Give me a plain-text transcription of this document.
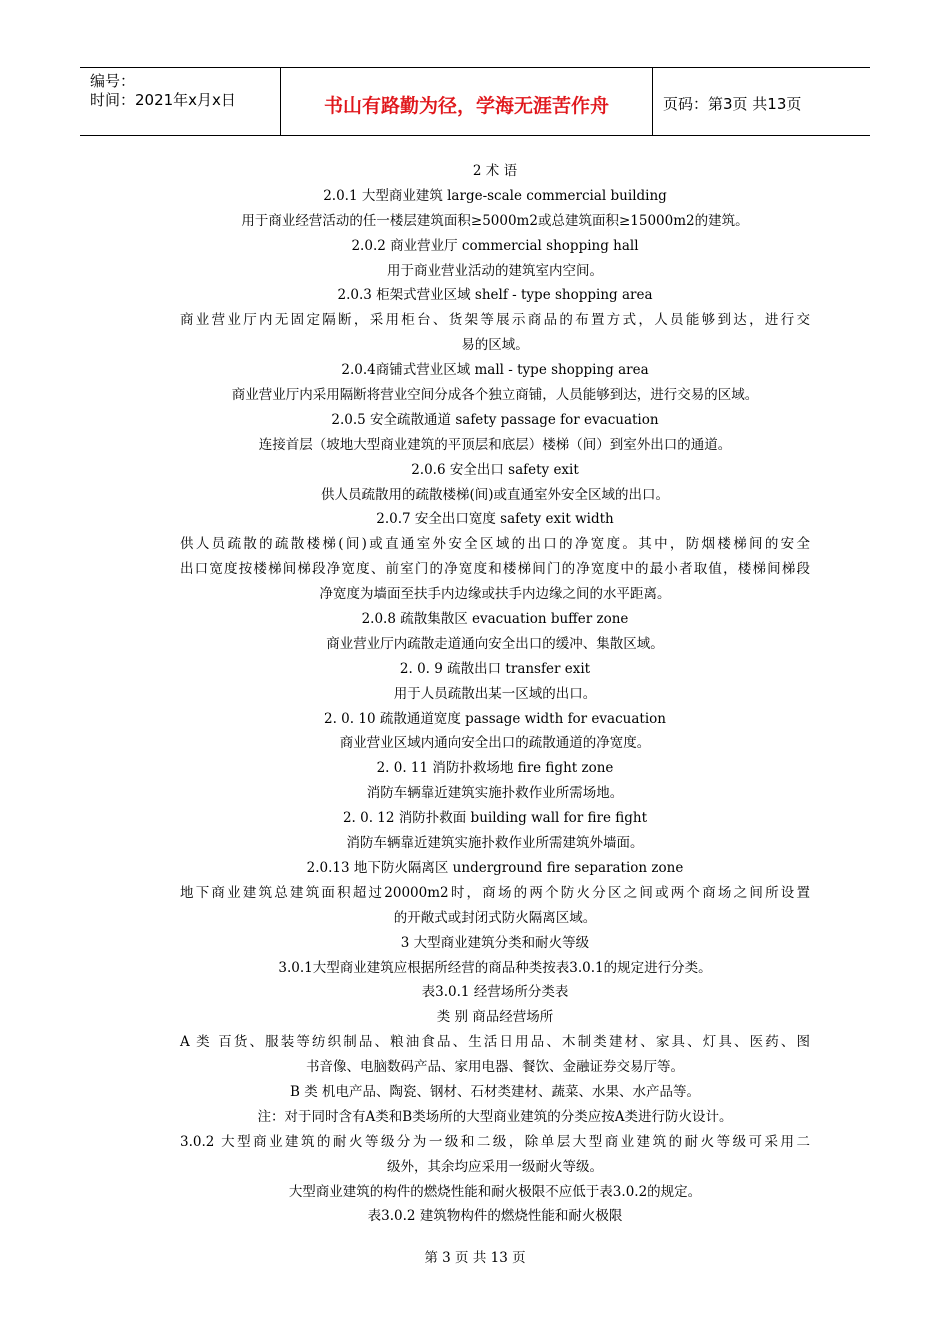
编号：
时间：2021年x月x日	书山有路勤为径，学海无涯苦作舟	页码：第3页 共13页
2 术 语
2.0.1 大型商业建筑 large-scale commercial building
用于商业经营活动的任一楼层建筑面积≥5000m2或总建筑面积≥15000m2的建筑。
2.0.2 商业营业厅 commercial shopping hall
用于商业营业活动的建筑室内空间。
2.0.3 柜架式营业区域 shelf - type shopping area
商业营业厅内无固定隔断，采用柜台、货架等展示商品的布置方式，人员能够到达，进行交
易的区域。
2.0.4商铺式营业区域 mall - type shopping area
商业营业厅内采用隔断将营业空间分成各个独立商铺，人员能够到达，进行交易的区域。
2.0.5 安全疏散通道 safety passage for evacuation
连接首层（坡地大型商业建筑的平顶层和底层）楼梯（间）到室外出口的通道。
2.0.6 安全出口 safety exit
供人员疏散用的疏散楼梯(间)或直通室外安全区域的出口。
2.0.7 安全出口宽度 safety exit width
供人员疏散的疏散楼梯(间)或直通室外安全区域的出口的净宽度。其中，防烟楼梯间的安全
出口宽度按楼梯间梯段净宽度、前室门的净宽度和楼梯间门的净宽度中的最小者取值，楼梯间梯段
净宽度为墙面至扶手内边缘或扶手内边缘之间的水平距离。
2.0.8 疏散集散区 evacuation buffer zone
商业营业厅内疏散走道通向安全出口的缓冲、集散区域。
2. 0. 9 疏散出口 transfer exit
用于人员疏散出某一区域的出口。
2. 0. 10 疏散通道宽度 passage width for evacuation
商业营业区域内通向安全出口的疏散通道的净宽度。
2. 0. 11 消防扑救场地 fire fight zone
消防车辆靠近建筑实施扑救作业所需场地。
2. 0. 12 消防扑救面 building wall for fire fight
消防车辆靠近建筑实施扑救作业所需建筑外墙面。
2.0.13 地下防火隔离区 underground fire separation zone
地下商业建筑总建筑面积超过20000m2时，商场的两个防火分区之间或两个商场之间所设置
的开敞式或封闭式防火隔离区域。
3 大型商业建筑分类和耐火等级
3.0.1大型商业建筑应根据所经营的商品种类按表3.0.1的规定进行分类。
表3.0.1 经营场所分类表
类 别 商品经营场所
A 类 百货、服装等纺织制品、粮油食品、生活日用品、木制类建材、家具、灯具、医药、图
书音像、电脑数码产品、家用电器、餐饮、金融证券交易厅等。
B 类 机电产品、陶瓷、钢材、石材类建材、蔬菜、水果、水产品等。
注：对于同时含有A类和B类场所的大型商业建筑的分类应按A类进行防火设计。
3.0.2 大型商业建筑的耐火等级分为一级和二级，除单层大型商业建筑的耐火等级可采用二
级外，其余均应采用一级耐火等级。
大型商业建筑的构件的燃烧性能和耐火极限不应低于表3.0.2的规定。
表3.0.2 建筑物构件的燃烧性能和耐火极限
第 3 页 共 13 页
